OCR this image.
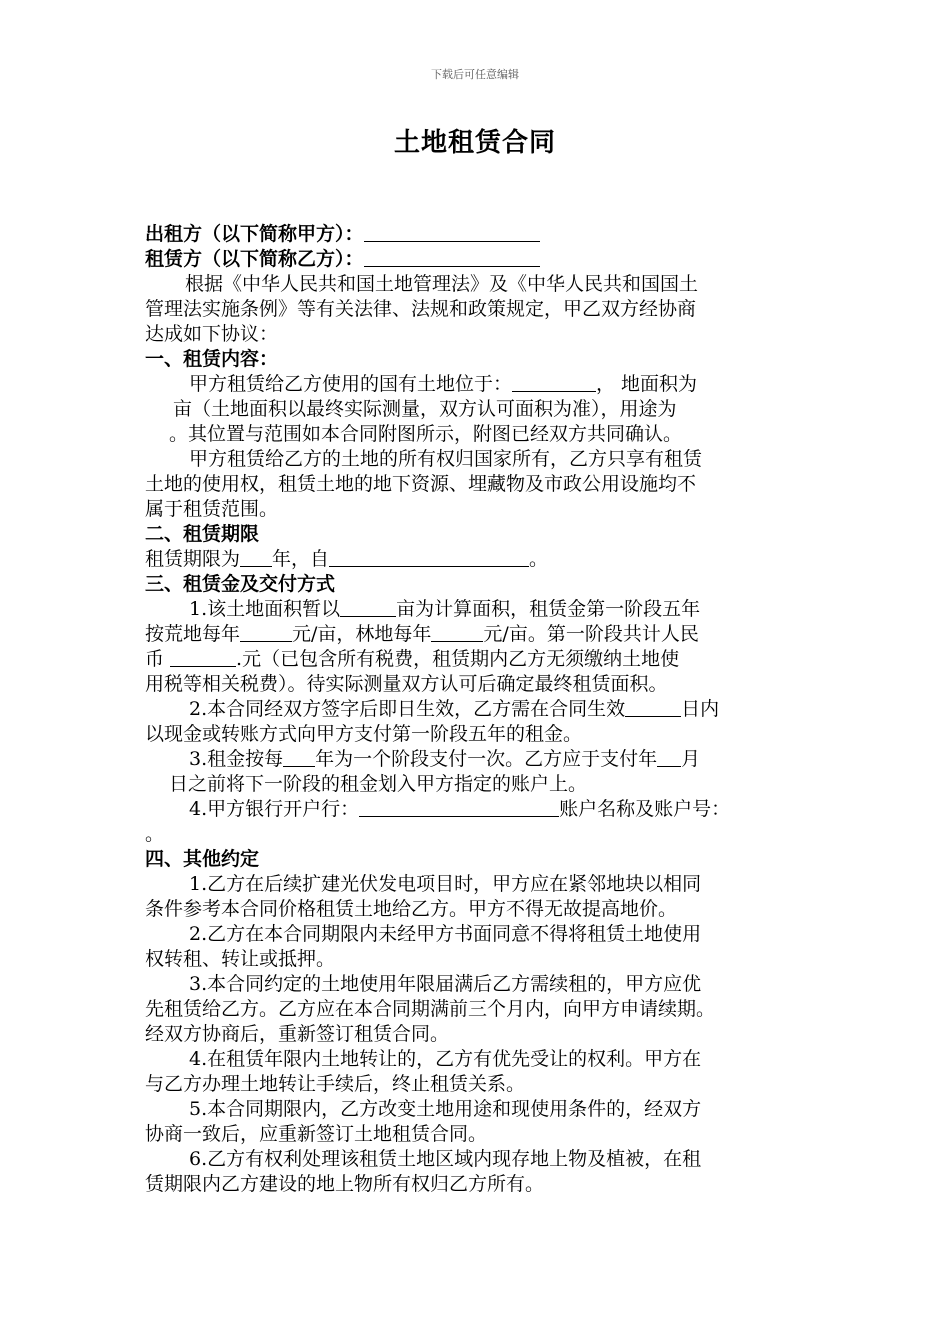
下载后可任意编辑
土地租赁合同
出租方（以下简称甲方）：
租赁方（以下简称乙方）：
根据《中华人民共和国土地管理法》及《中华人民共和国国土
管理法实施条例》等有关法律、法规和政策规定，甲乙双方经协商
达成如下协议：
一、租赁内容：
甲方租赁给乙方使用的国有土地位于：	， 地面积为
亩（土地面积以最终实际测量，双方认可面积为准），用途为
。其位置与范围如本合同附图所示，附图已经双方共同确认。
甲方租赁给乙方的土地的所有权归国家所有，乙方只享有租赁
土地的使用权，租赁土地的地下资源、埋藏物及市政公用设施均不
属于租赁范围。
二、租赁期限
租赁期限为 年，自	。
三、租赁金及交付方式
1.该土地面积暂以	亩为计算面积，租赁金第一阶段五年
按荒地每年	元/亩，林地每年	元/亩。第一阶段共计人民
币	.元（已包含所有税费，租赁期内乙方无须缴纳土地使
用税等相关税费）。待实际测量双方认可后确定最终租赁面积。
2.本合同经双方签字后即日生效，乙方需在合同生效	日内
以现金或转账方式向甲方支付第一阶段五年的租金。
3.租金按每 年为一个阶段支付一次。乙方应于支付年 月
日之前将下一阶段的租金划入甲方指定的账户上。
4.甲方银行开户行：	账户名称及账户号：
。
四、其他约定
1.乙方在后续扩建光伏发电项目时，甲方应在紧邻地块以相同
条件参考本合同价格租赁土地给乙方。甲方不得无故提高地价。
2.乙方在本合同期限内未经甲方书面同意不得将租赁土地使用
权转租、转让或抵押。
3.本合同约定的土地使用年限届满后乙方需续租的，甲方应优
先租赁给乙方。乙方应在本合同期满前三个月内，向甲方申请续期。
经双方协商后，重新签订租赁合同。
4.在租赁年限内土地转让的，乙方有优先受让的权利。甲方在
与乙方办理土地转让手续后，终止租赁关系。
5.本合同期限内，乙方改变土地用途和现使用条件的，经双方
协商一致后，应重新签订土地租赁合同。
6.乙方有权利处理该租赁土地区域内现存地上物及植被，在租
赁期限内乙方建设的地上物所有权归乙方所有。
